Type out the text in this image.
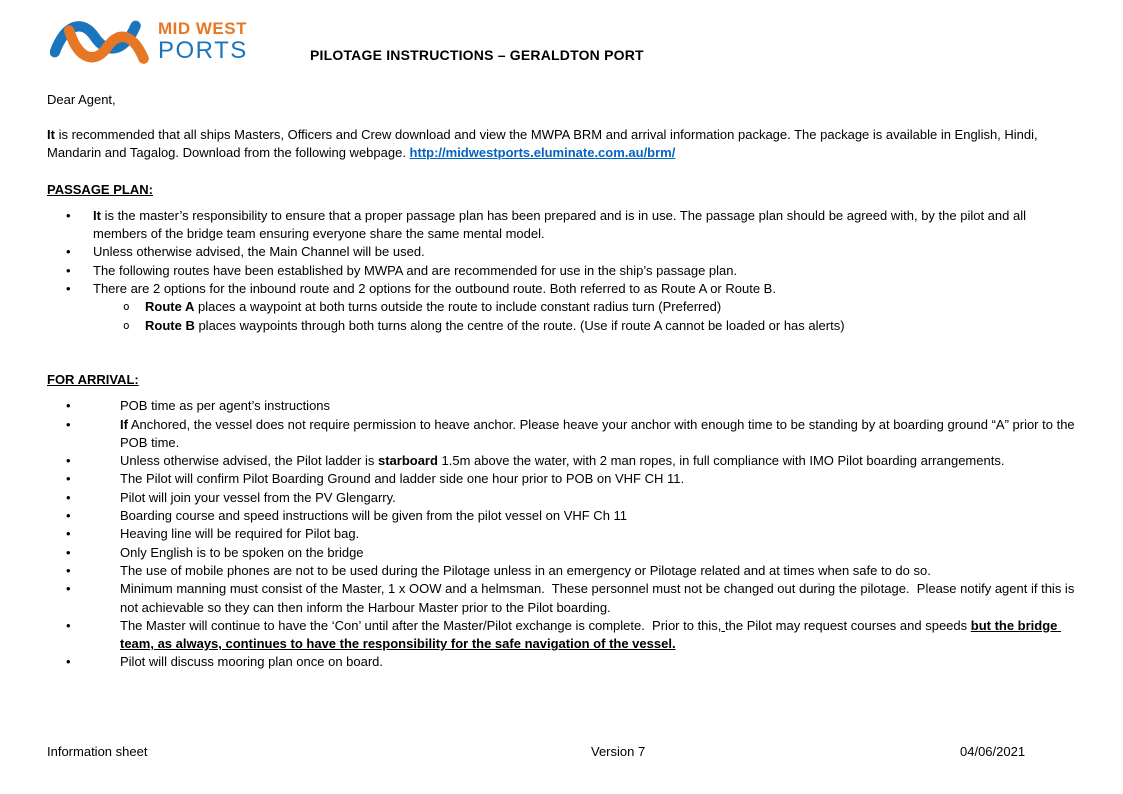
MID WEST
PORTS	PILOTAGE INSTRUCTIONS – GERALDTON PORT

Dear Agent,

It is recommended that all ships Masters, Officers and Crew download and view the MWPA BRM and arrival information package. The package is available in English, Hindi, Mandarin and Tagalog. Download from the following webpage. http://midwestports.eluminate.com.au/brm/

PASSAGE PLAN:
• It is the master’s responsibility to ensure that a proper passage plan has been prepared and is in use. The passage plan should be agreed with, by the pilot and all members of the bridge team ensuring everyone share the same mental model.
• Unless otherwise advised, the Main Channel will be used.
• The following routes have been established by MWPA and are recommended for use in the ship’s passage plan.
• There are 2 options for the inbound route and 2 options for the outbound route. Both referred to as Route A or Route B.
o Route A places a waypoint at both turns outside the route to include constant radius turn (Preferred)
o Route B places waypoints through both turns along the centre of the route. (Use if route A cannot be loaded or has alerts)
FOR ARRIVAL:
•	POB time as per agent’s instructions
•	If Anchored, the vessel does not require permission to heave anchor. Please heave your anchor with enough time to be standing by at boarding ground “A” prior to the POB time.
•	Unless otherwise advised, the Pilot ladder is starboard 1.5m above the water, with 2 man ropes, in full compliance with IMO Pilot boarding arrangements.
•	The Pilot will confirm Pilot Boarding Ground and ladder side one hour prior to POB on VHF CH 11.
•	Pilot will join your vessel from the PV Glengarry.
•	Boarding course and speed instructions will be given from the pilot vessel on VHF Ch 11
•	Heaving line will be required for Pilot bag.
•	Only English is to be spoken on the bridge
•	The use of mobile phones are not to be used during the Pilotage unless in an emergency or Pilotage related and at times when safe to do so.
•	Minimum manning must consist of the Master, 1 x OOW and a helmsman.  These personnel must not be changed out during the pilotage.  Please notify agent if this is not achievable so they can then inform the Harbour Master prior to the Pilot boarding.
•	The Master will continue to have the ‘Con’ until after the Master/Pilot exchange is complete.  Prior to this, the Pilot may request courses and speeds but the bridge team, as always, continues to have the responsibility for the safe navigation of the vessel.
•	Pilot will discuss mooring plan once on board.
Information sheet	Version 7	04/06/2021
